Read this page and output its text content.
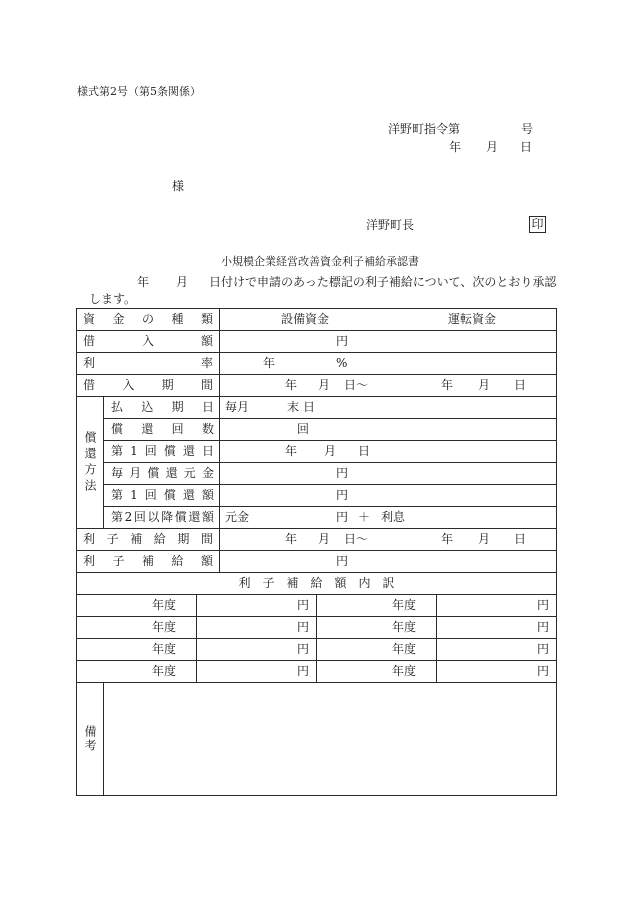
様式第2号（第5条関係）
洋野町指令第	号
年 月 日
様
洋野町長	印
小規模企業経営改善資金利子補給承認書
年 月 日付けで申請のあった標記の利子補給について、次のとおり承認
します。
資金の種類	設備資金	運転資金
借入額	円
利率	年	%
借入期間	年 月 日～	年 月 日
償還方法
払込期日 毎月	末 日
償還回数	回
第1回償還日	年 月 日
毎月償還元金	円
第1回償還額	円
第2回以降償還額 元金	円 ＋ 利息
利子補給期間	年 月 日～	年 月 日
利子補給額	円
利子補給額内訳
年度	円	年度	円
年度	円	年度	円
年度	円	年度	円
年度	円	年度	円
備考
